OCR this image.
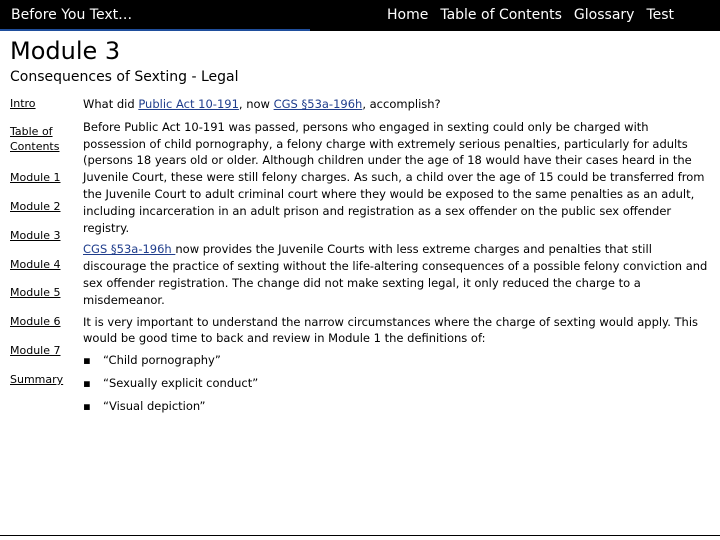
Before You Text…	Home Table of Contents Glossary Test
Module 3
Consequences of Sexting - Legal
Intro
Table of Contents
Module 1
Module 2
Module 3
Module 4
Module 5
Module 6
Module 7
Summary

What did Public Act 10-191, now CGS §53a-196h, accomplish?

Before Public Act 10-191 was passed, persons who engaged in sexting could only be charged with possession of child pornography, a felony charge with extremely serious penalties, particularly for adults (persons 18 years old or older. Although children under the age of 18 would have their cases heard in the Juvenile Court, these were still felony charges. As such, a child over the age of 15 could be transferred from the Juvenile Court to adult criminal court where they would be exposed to the same penalties as an adult, including incarceration in an adult prison and registration as a sex offender on the public sex offender registry.

CGS §53a-196h now provides the Juvenile Courts with less extreme charges and penalties that still discourage the practice of sexting without the life-altering consequences of a possible felony conviction and sex offender registration. The change did not make sexting legal, it only reduced the charge to a misdemeanor.

It is very important to understand the narrow circumstances where the charge of sexting would apply. This would be good time to back and review in Module 1 the definitions of:

▪ “Child pornography”
▪ “Sexually explicit conduct”
▪ “Visual depiction”
